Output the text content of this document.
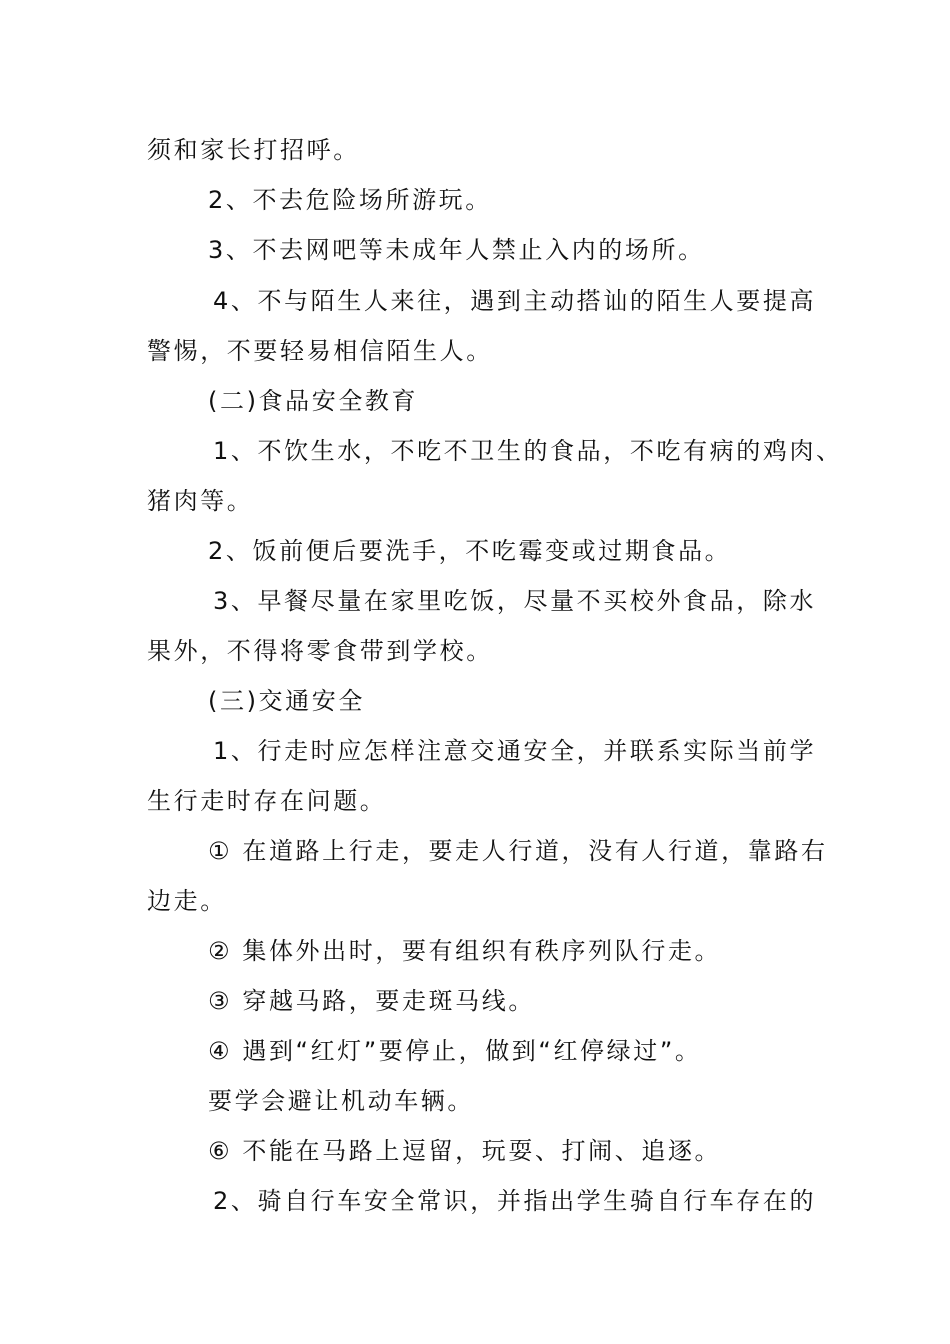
须和家长打招呼。
2、不去危险场所游玩。
3、不去网吧等未成年人禁止入内的场所。
4、不与陌生人来往，遇到主动搭讪的陌生人要提高
警惕，不要轻易相信陌生人。
(二)食品安全教育
1、不饮生水，不吃不卫生的食品，不吃有病的鸡肉、
猪肉等。
2、饭前便后要洗手，不吃霉变或过期食品。
3、早餐尽量在家里吃饭，尽量不买校外食品，除水
果外，不得将零食带到学校。
(三)交通安全
1、行走时应怎样注意交通安全，并联系实际当前学
生行走时存在问题。
① 在道路上行走，要走人行道，没有人行道，靠路右
边走。
② 集体外出时，要有组织有秩序列队行走。
③ 穿越马路，要走斑马线。
④ 遇到“红灯”要停止，做到“红停绿过”。
要学会避让机动车辆。
⑥ 不能在马路上逗留，玩耍、打闹、追逐。
2、骑自行车安全常识，并指出学生骑自行车存在的
